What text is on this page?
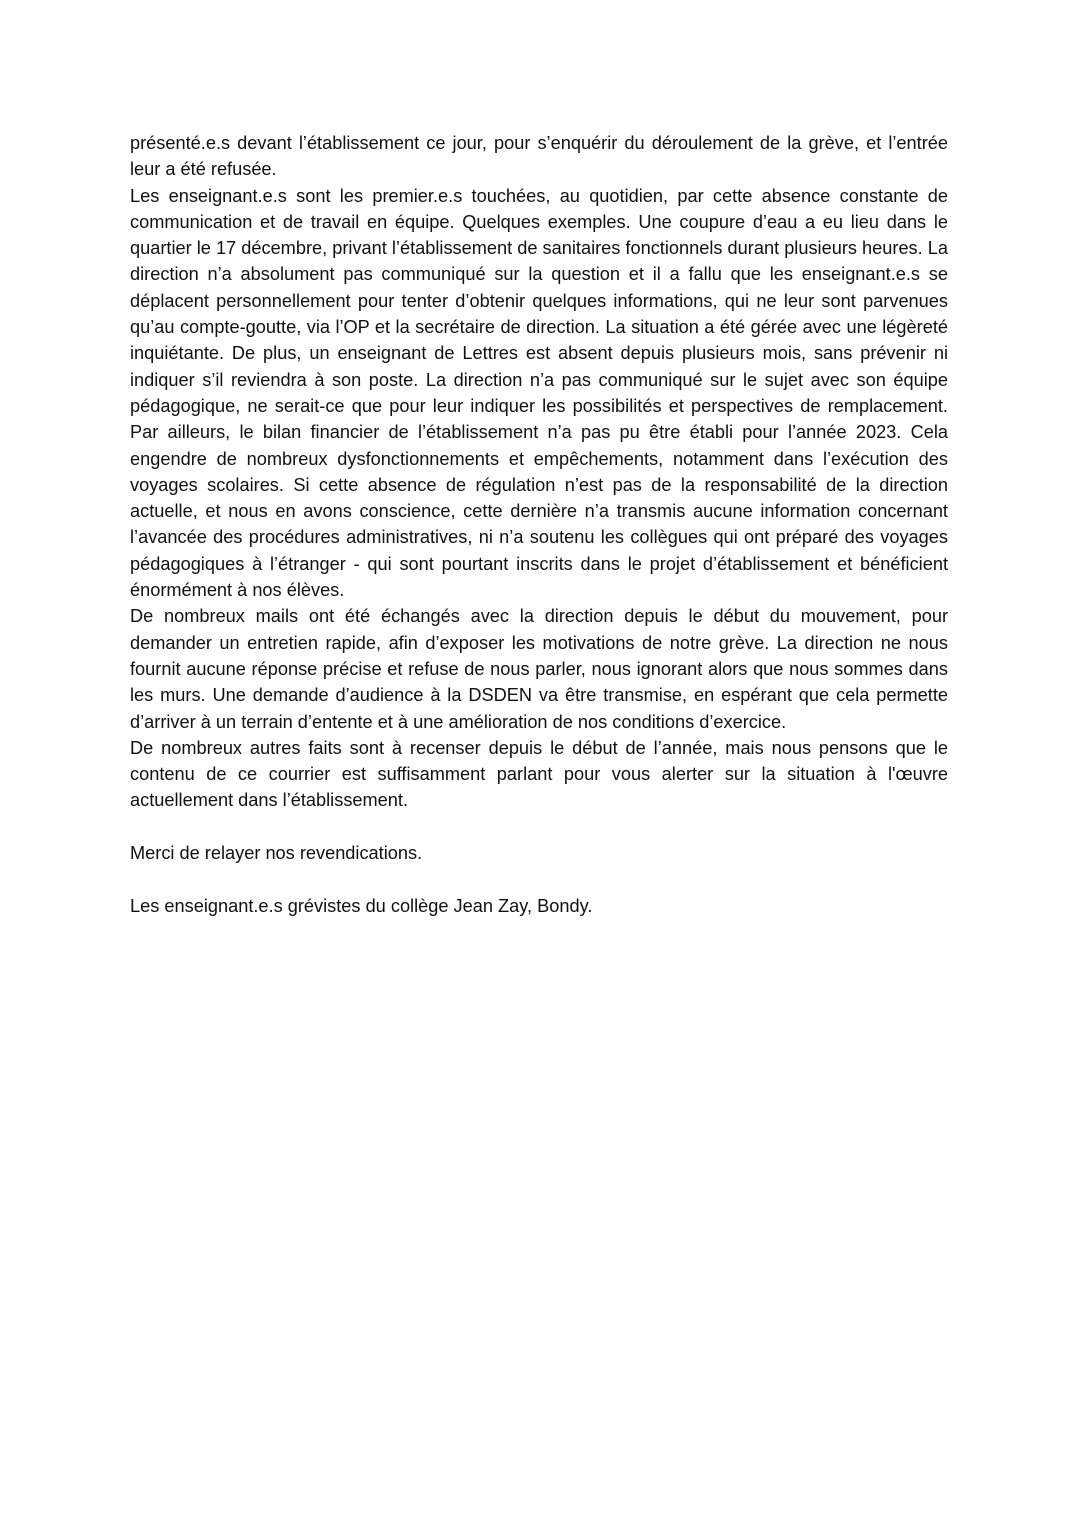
présenté.e.s devant l’établissement ce jour, pour s’enquérir du déroulement de la grève, et l’entrée leur a été refusée.

Les enseignant.e.s sont les premier.e.s touchées, au quotidien, par cette absence constante de communication et de travail en équipe. Quelques exemples. Une coupure d’eau a eu lieu dans le quartier le 17 décembre, privant l’établissement de sanitaires fonctionnels durant plusieurs heures. La direction n’a absolument pas communiqué sur la question et il a fallu que les enseignant.e.s se déplacent personnellement pour tenter d’obtenir quelques informations, qui ne leur sont parvenues qu’au compte-goutte, via l’OP et la secrétaire de direction. La situation a été gérée avec une légèreté inquiétante. De plus, un enseignant de Lettres est absent depuis plusieurs mois, sans prévenir ni indiquer s’il reviendra à son poste. La direction n’a pas communiqué sur le sujet avec son équipe pédagogique, ne serait-ce que pour leur indiquer les possibilités et perspectives de remplacement. Par ailleurs, le bilan financier de l’établissement n’a pas pu être établi pour l’année 2023. Cela engendre de nombreux dysfonctionnements et empêchements, notamment dans l’exécution des voyages scolaires. Si cette absence de régulation n’est pas de la responsabilité de la direction actuelle, et nous en avons conscience, cette dernière n’a transmis aucune information concernant l’avancée des procédures administratives, ni n’a soutenu les collègues qui ont préparé des voyages pédagogiques à l’étranger - qui sont pourtant inscrits dans le projet d’établissement et bénéficient énormément à nos élèves.

De nombreux mails ont été échangés avec la direction depuis le début du mouvement, pour demander un entretien rapide, afin d’exposer les motivations de notre grève. La direction ne nous fournit aucune réponse précise et refuse de nous parler, nous ignorant alors que nous sommes dans les murs. Une demande d’audience à la DSDEN va être transmise, en espérant que cela permette d’arriver à un terrain d’entente et à une amélioration de nos conditions d’exercice.

De nombreux autres faits sont à recenser depuis le début de l’année, mais nous pensons que le contenu de ce courrier est suffisamment parlant pour vous alerter sur la situation à l'œuvre actuellement dans l’établissement.

Merci de relayer nos revendications.

Les enseignant.e.s grévistes du collège Jean Zay, Bondy.
